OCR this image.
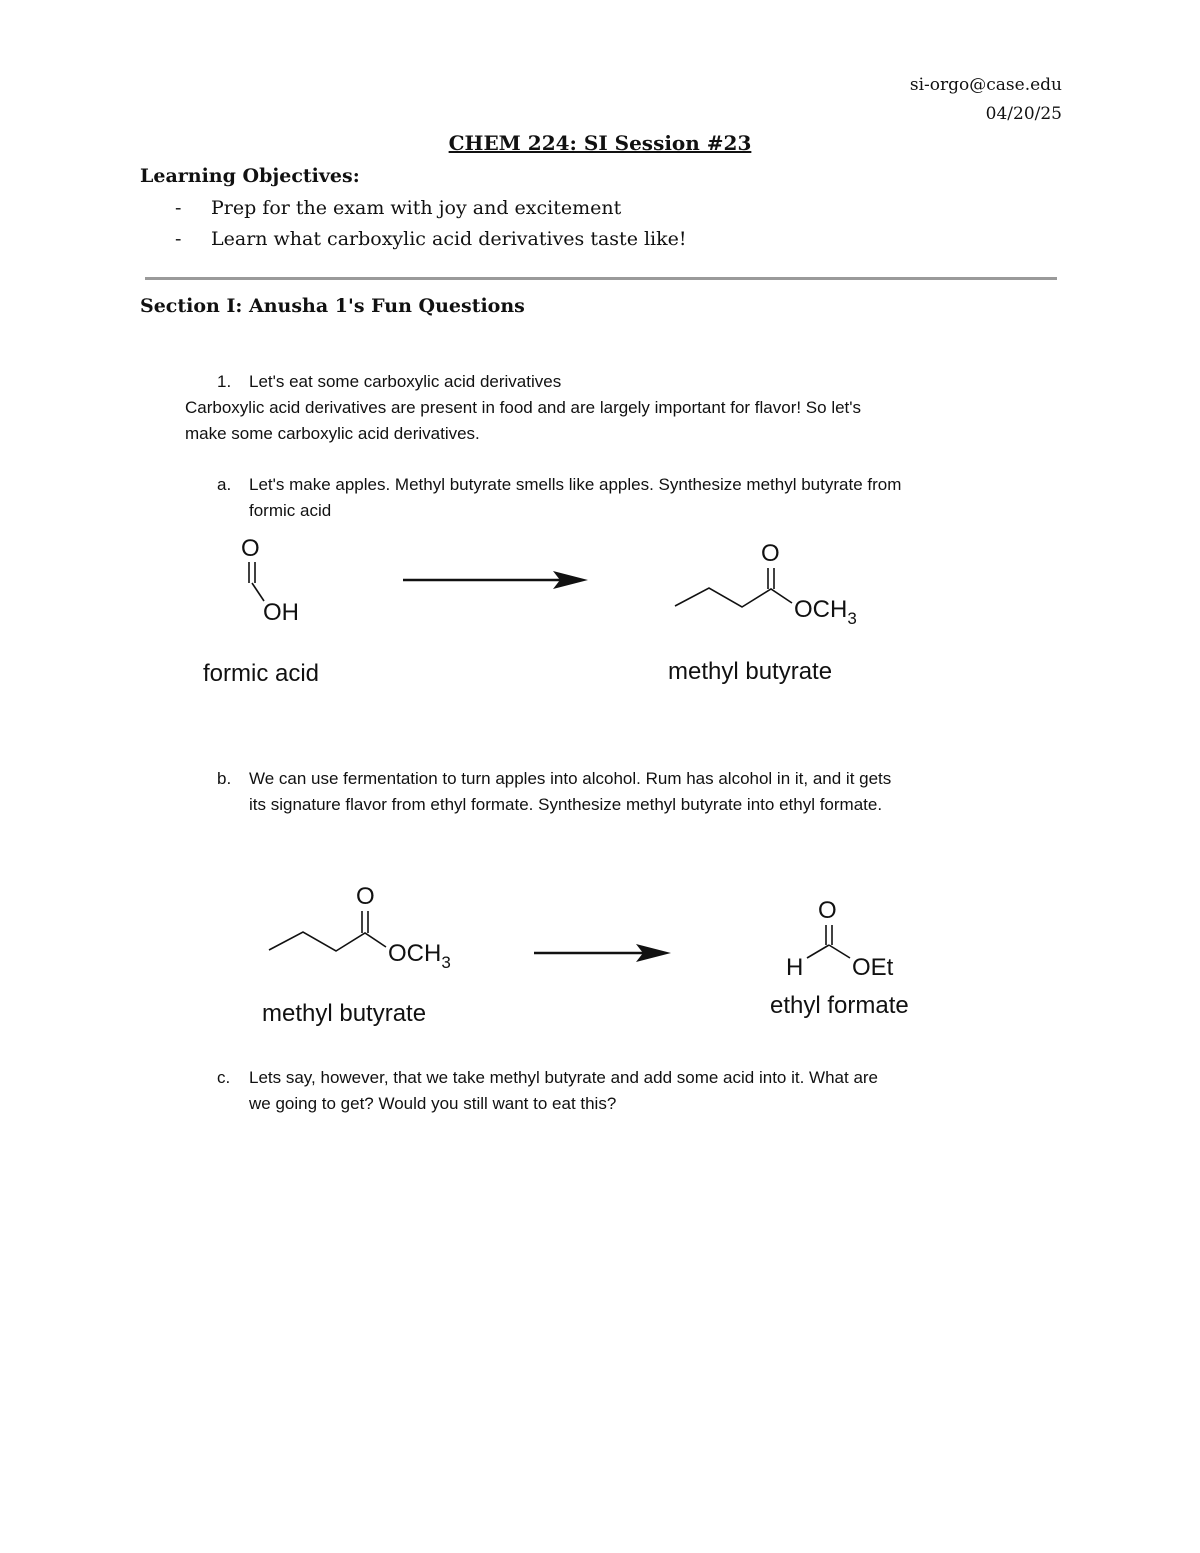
si-orgo@case.edu
04/20/25
CHEM 224: SI Session #23
Learning Objectives:
- Prep for the exam with joy and excitement
- Learn what carboxylic acid derivatives taste like!
Section I: Anusha 1's Fun Questions
1. Let's eat some carboxylic acid derivatives
Carboxylic acid derivatives are present in food and are largely important for flavor! So let's
make some carboxylic acid derivatives.
a. Let's make apples. Methyl butyrate smells like apples. Synthesize methyl butyrate from
formic acid
b. We can use fermentation to turn apples into alcohol. Rum has alcohol in it, and it gets
its signature flavor from ethyl formate. Synthesize methyl butyrate into ethyl formate.
c. Lets say, however, that we take methyl butyrate and add some acid into it. What are
we going to get? Would you still want to eat this?
O
OH
formic acid
O
$OCH_3$
methyl butyrate
O
$OCH_3$
methyl butyrate
O
H OEt
ethyl formate
